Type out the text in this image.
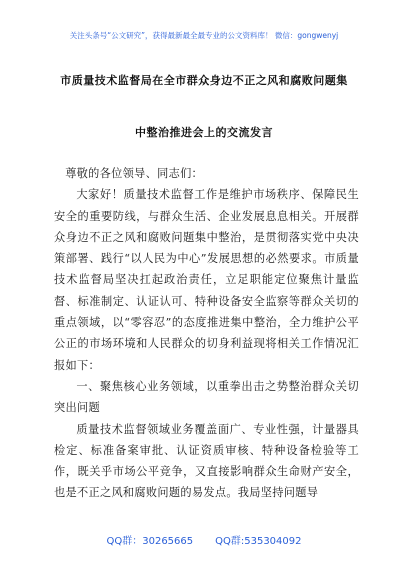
关注头条号“公文研究”，获得最新最全最专业的公文资料库！ 微信：gongwenyj
市质量技术监督局在全市群众身边不正之风和腐败问题集
中整治推进会上的交流发言

尊敬的各位领导、同志们：

大家好！质量技术监督工作是维护市场秩序、保障民生安全的重要防线，与群众生活、企业发展息息相关。开展群众身边不正之风和腐败问题集中整治，是贯彻落实党中央决策部署、践行“以人民为中心”发展思想的必然要求。市质量技术监督局坚决扛起政治责任，立足职能定位聚焦计量监督、标准制定、认证认可、特种设备安全监察等群众关切的重点领域，以“零容忍”的态度推进集中整治，全力维护公平公正的市场环境和人民群众的切身利益现将相关工作情况汇报如下：

一、聚焦核心业务领域，以重拳出击之势整治群众关切突出问题

质量技术监督领域业务覆盖面广、专业性强，计量器具检定、标准备案审批、认证资质审核、特种设备检验等工作，既关乎市场公平竞争，又直接影响群众生命财产安全，也是不正之风和腐败问题的易发点。我局坚持问题导

QQ群：30265665 QQ群:535304092
